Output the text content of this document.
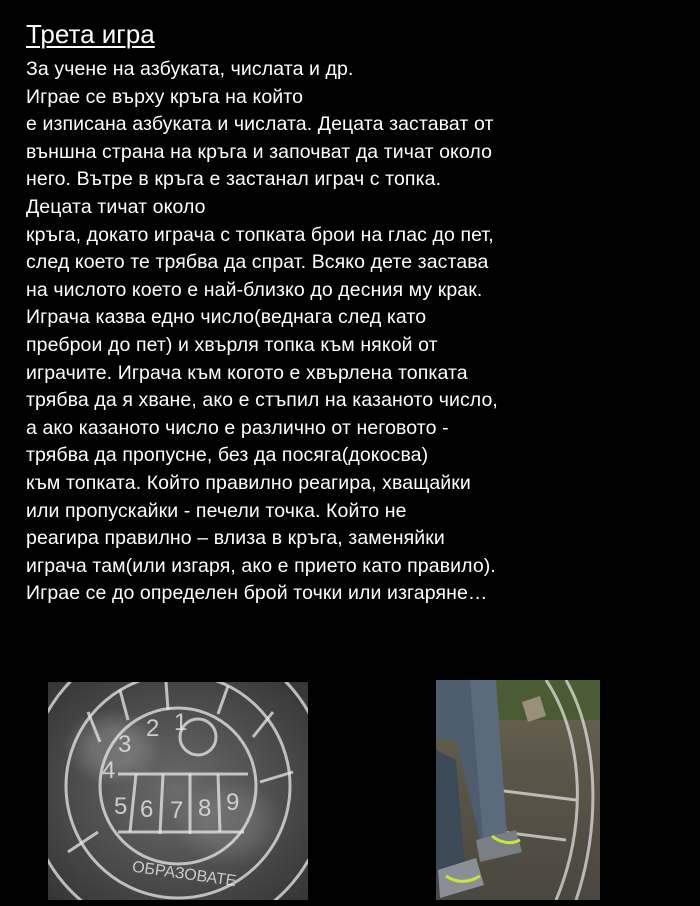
Трета игра
За учене на азбуката, числата и др.
Играе се върху кръга на който
е изписана азбуката и числата. Децата застават от
външна страна на кръга и започват да тичат около
него. Вътре в кръга е застанал играч с топка.
Децата тичат около
кръга, докато играча с топката брои на глас до пет,
след което те трябва да спрат. Всяко дете застава
на числото което е най-близко до десния му крак.
Играча казва едно число(веднага след като
преброи до пет) и хвърля топка към някой от
играчите. Играча към когото е хвърлена топката
трябва да я хване, ако е стъпил на казаното число,
а ако казаното число е различно от неговото -
трябва да пропусне, без да посяга(докосва)
към топката. Който правилно реагира, хващайки
или пропускайки - печели точка. Който не
реагира правилно – влиза в кръга, заменяйки
играча там(или изгаря, ако е прието като правило).
Играе се до определен брой точки или изгаряне…
5 6 7 8
4
3
2 1
9
ОБРАЗОВАТЕ
